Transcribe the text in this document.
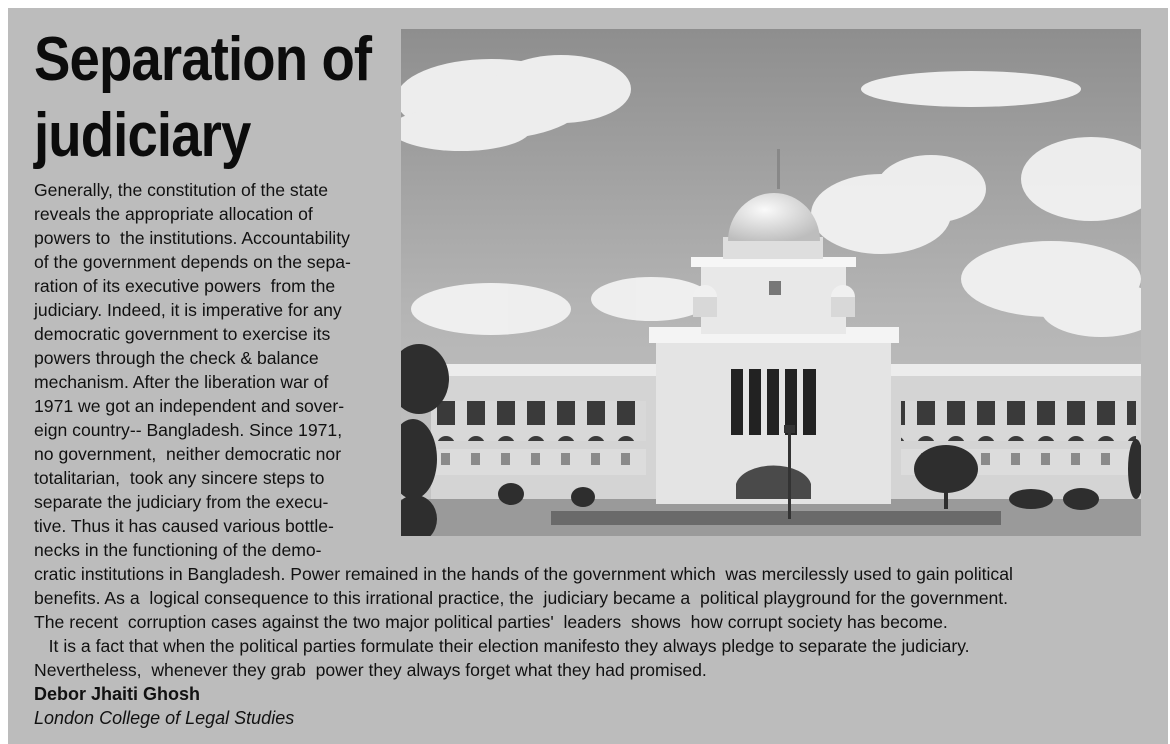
Separation of
judiciary
Generally, the constitution of the state
reveals the appropriate allocation of
powers to  the institutions. Accountability
of the government depends on the sepa-
ration of its executive powers  from the
judiciary. Indeed, it is imperative for any
democratic government to exercise its
powers through the check & balance
mechanism. After the liberation war of
1971 we got an independent and sover-
eign country-- Bangladesh. Since 1971,
no government,  neither democratic nor
totalitarian,  took any sincere steps to
separate the judiciary from the execu-
tive. Thus it has caused various bottle-
necks in the functioning of the demo-
cratic institutions in Bangladesh. Power remained in the hands of the government which  was mercilessly used to gain political
benefits. As a  logical consequence to this irrational practice, the  judiciary became a  political playground for the government.
The recent  corruption cases against the two major political parties'  leaders  shows  how corrupt society has become.
It is a fact that when the political parties formulate their election manifesto they always pledge to separate the judiciary.
Nevertheless,  whenever they grab  power they always forget what they had promised.
Debor Jhaiti Ghosh
London College of Legal Studies
